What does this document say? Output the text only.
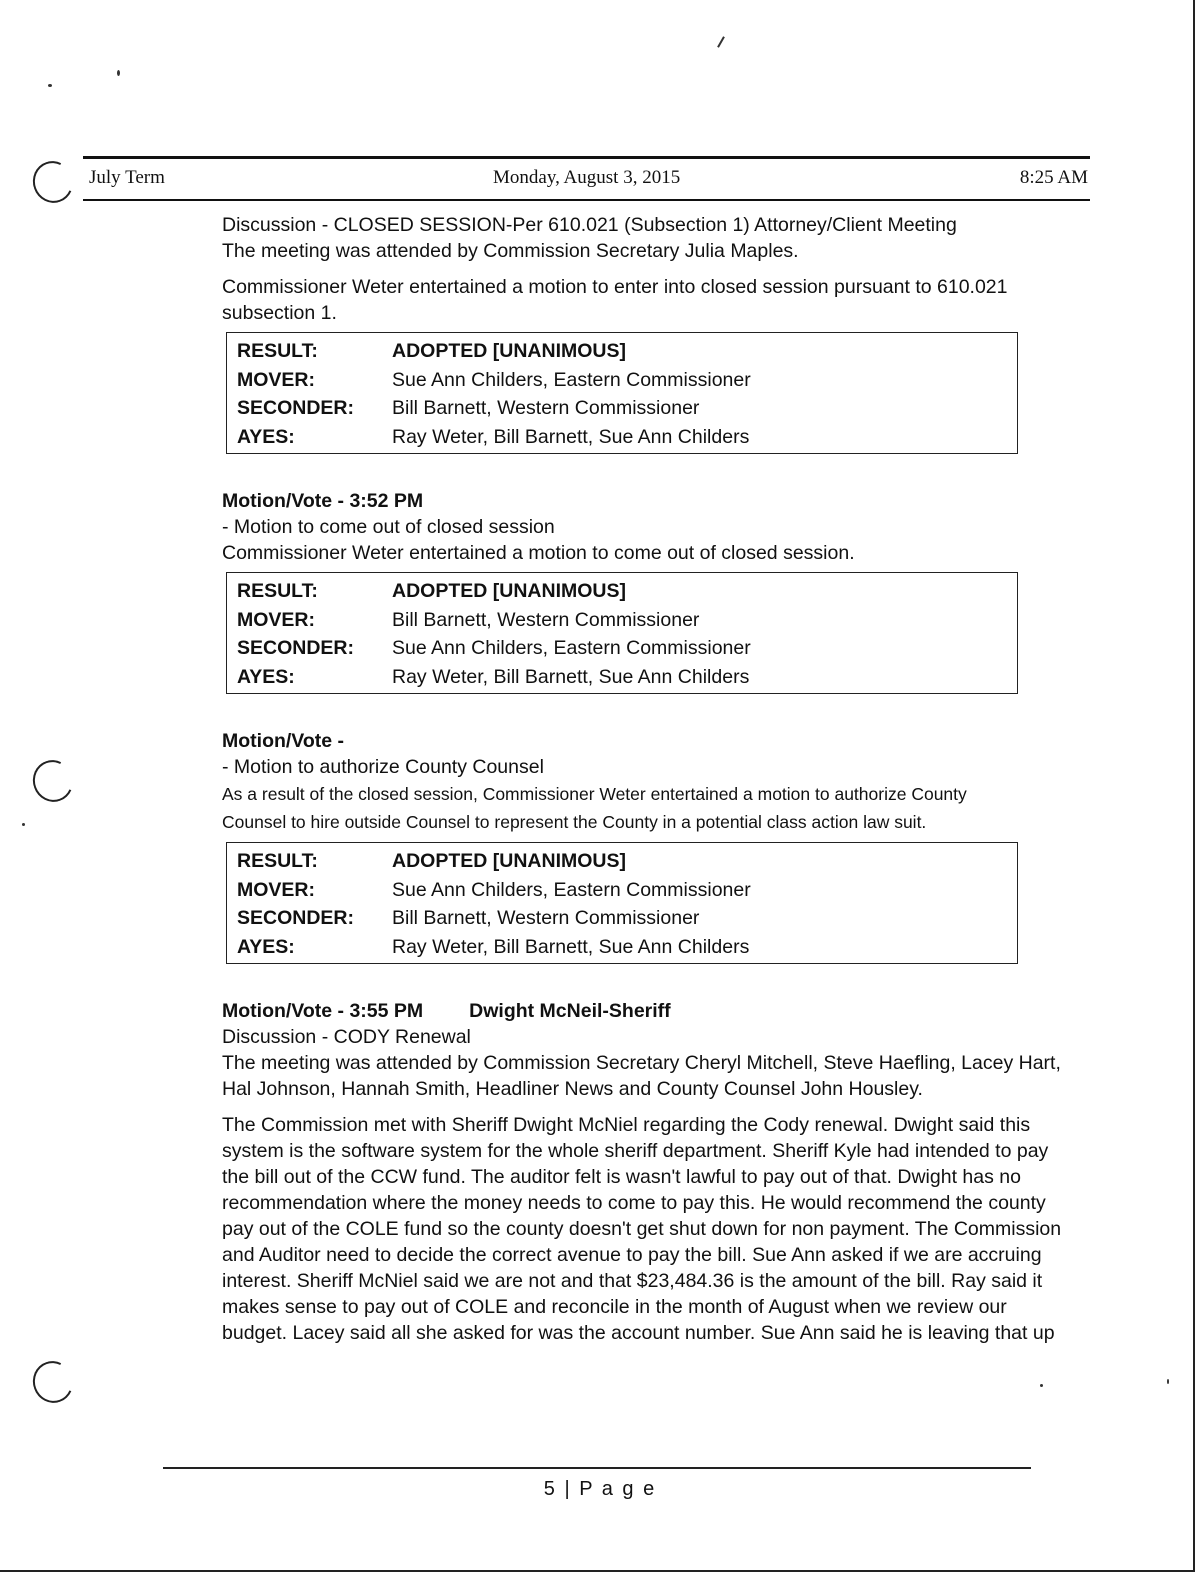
July Term	Monday, August 3, 2015	8:25 AM

Discussion - CLOSED SESSION-Per 610.021 (Subsection 1) Attorney/Client Meeting

The meeting was attended by Commission Secretary Julia Maples.

Commissioner Weter entertained a motion to enter into closed session pursuant to 610.021 subsection 1.

RESULT:	ADOPTED [UNANIMOUS]
MOVER:	Sue Ann Childers, Eastern Commissioner
SECONDER:	Bill Barnett, Western Commissioner
AYES:	Ray Weter, Bill Barnett, Sue Ann Childers

Motion/Vote - 3:52 PM

- Motion to come out of closed session

Commissioner Weter entertained a motion to come out of closed session.

RESULT:	ADOPTED [UNANIMOUS]
MOVER:	Bill Barnett, Western Commissioner
SECONDER:	Sue Ann Childers, Eastern Commissioner
AYES:	Ray Weter, Bill Barnett, Sue Ann Childers

Motion/Vote -

- Motion to authorize County Counsel

As a result of the closed session, Commissioner Weter entertained a motion to authorize County

Counsel to hire outside Counsel to represent the County in a potential class action law suit.

RESULT:	ADOPTED [UNANIMOUS]
MOVER:	Sue Ann Childers, Eastern Commissioner
SECONDER:	Bill Barnett, Western Commissioner
AYES:	Ray Weter, Bill Barnett, Sue Ann Childers

Motion/Vote - 3:55 PM Dwight McNeil-Sheriff

Discussion - CODY Renewal

The meeting was attended by Commission Secretary Cheryl Mitchell, Steve Haefling, Lacey Hart, Hal Johnson, Hannah Smith, Headliner News and County Counsel John Housley.

The Commission met with Sheriff Dwight McNiel regarding the Cody renewal. Dwight said this system is the software system for the whole sheriff department. Sheriff Kyle had intended to pay the bill out of the CCW fund. The auditor felt is wasn't lawful to pay out of that. Dwight has no recommendation where the money needs to come to pay this. He would recommend the county pay out of the COLE fund so the county doesn't get shut down for non payment. The Commission and Auditor need to decide the correct avenue to pay the bill. Sue Ann asked if we are accruing interest. Sheriff McNiel said we are not and that $23,484.36 is the amount of the bill. Ray said it makes sense to pay out of COLE and reconcile in the month of August when we review our budget. Lacey said all she asked for was the account number. Sue Ann said he is leaving that up

5 | P a g e
